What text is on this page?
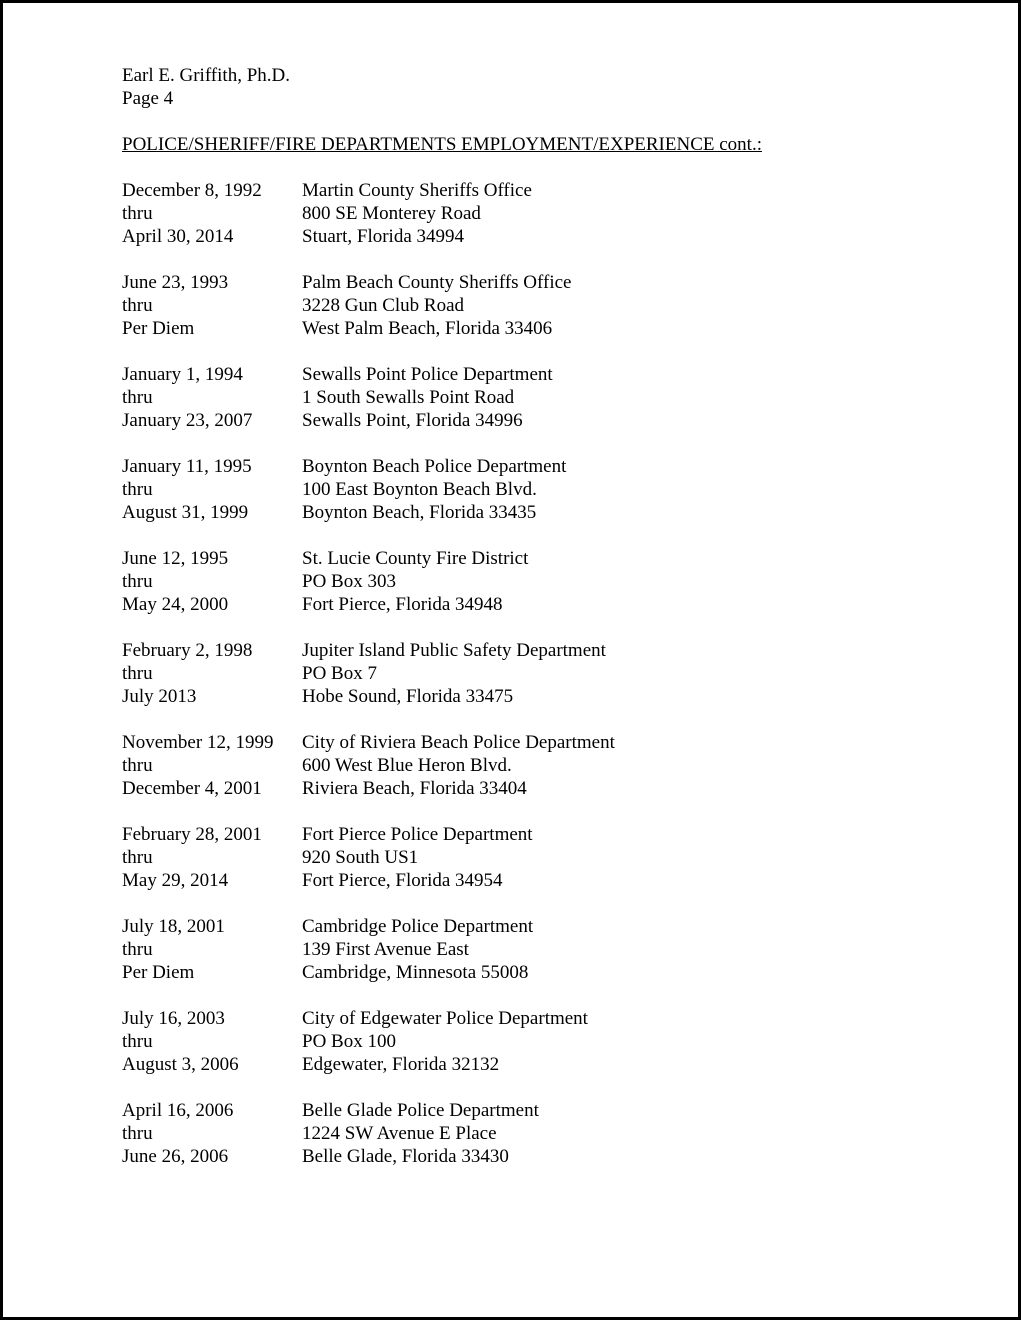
Earl E. Griffith, Ph.D.
Page 4
POLICE/SHERIFF/FIRE DEPARTMENTS EMPLOYMENT/EXPERIENCE cont.:
December 8, 1992	Martin County Sheriffs Office
thru	800 SE Monterey Road
April 30, 2014	Stuart, Florida 34994
June 23, 1993	Palm Beach County Sheriffs Office
thru	3228 Gun Club Road
Per Diem	West Palm Beach, Florida 33406
January 1, 1994	Sewalls Point Police Department
thru	1 South Sewalls Point Road
January 23, 2007	Sewalls Point, Florida 34996
January 11, 1995	Boynton Beach Police Department
thru	100 East Boynton Beach Blvd.
August 31, 1999	Boynton Beach, Florida 33435
June 12, 1995	St. Lucie County Fire District
thru	PO Box 303
May 24, 2000	Fort Pierce, Florida 34948
February 2, 1998	Jupiter Island Public Safety Department
thru	PO Box 7
July 2013	Hobe Sound, Florida 33475
November 12, 1999	City of Riviera Beach Police Department
thru	600 West Blue Heron Blvd.
December 4, 2001	Riviera Beach, Florida 33404
February 28, 2001	Fort Pierce Police Department
thru	920 South US1
May 29, 2014	Fort Pierce, Florida 34954
July 18, 2001	Cambridge Police Department
thru	139 First Avenue East
Per Diem	Cambridge, Minnesota 55008
July 16, 2003	City of Edgewater Police Department
thru	PO Box 100
August 3, 2006	Edgewater, Florida 32132
April 16, 2006	Belle Glade Police Department
thru	1224 SW Avenue E Place
June 26, 2006	Belle Glade, Florida 33430
